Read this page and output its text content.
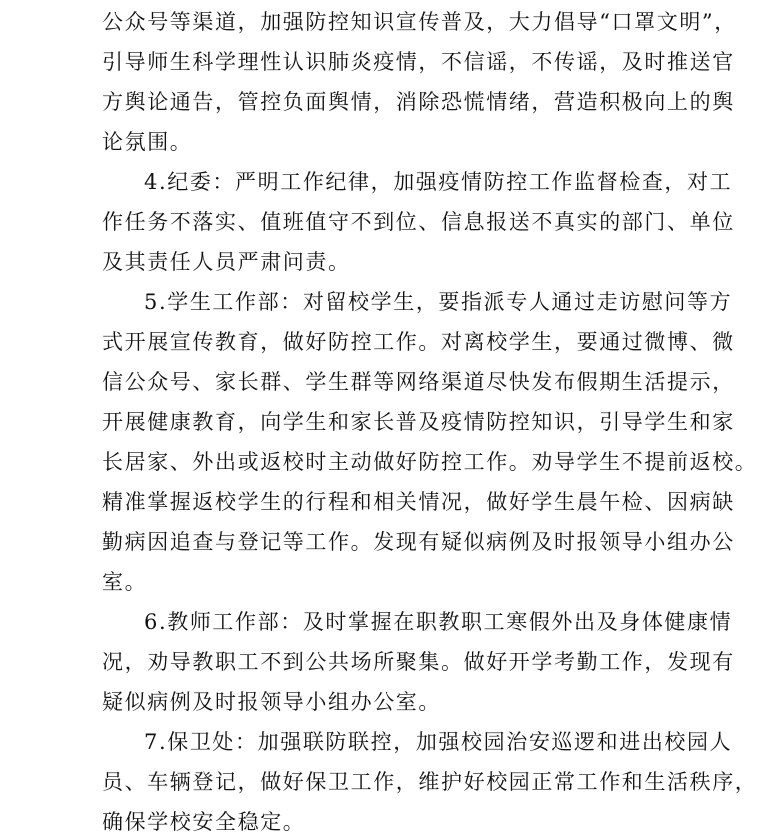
公众号等渠道，加强防控知识宣传普及，大力倡导“口罩文明”，
引导师生科学理性认识肺炎疫情，不信谣，不传谣，及时推送官
方舆论通告，管控负面舆情，消除恐慌情绪，营造积极向上的舆
论氛围。
4.纪委：严明工作纪律，加强疫情防控工作监督检查，对工
作任务不落实、值班值守不到位、信息报送不真实的部门、单位
及其责任人员严肃问责。
5.学生工作部：对留校学生，要指派专人通过走访慰问等方
式开展宣传教育，做好防控工作。对离校学生，要通过微博、微
信公众号、家长群、学生群等网络渠道尽快发布假期生活提示，
开展健康教育，向学生和家长普及疫情防控知识，引导学生和家
长居家、外出或返校时主动做好防控工作。劝导学生不提前返校。
精准掌握返校学生的行程和相关情况，做好学生晨午检、因病缺
勤病因追查与登记等工作。发现有疑似病例及时报领导小组办公
室。
6.教师工作部：及时掌握在职教职工寒假外出及身体健康情
况，劝导教职工不到公共场所聚集。做好开学考勤工作，发现有
疑似病例及时报领导小组办公室。
7.保卫处：加强联防联控，加强校园治安巡逻和进出校园人
员、车辆登记，做好保卫工作，维护好校园正常工作和生活秩序，
确保学校安全稳定。
